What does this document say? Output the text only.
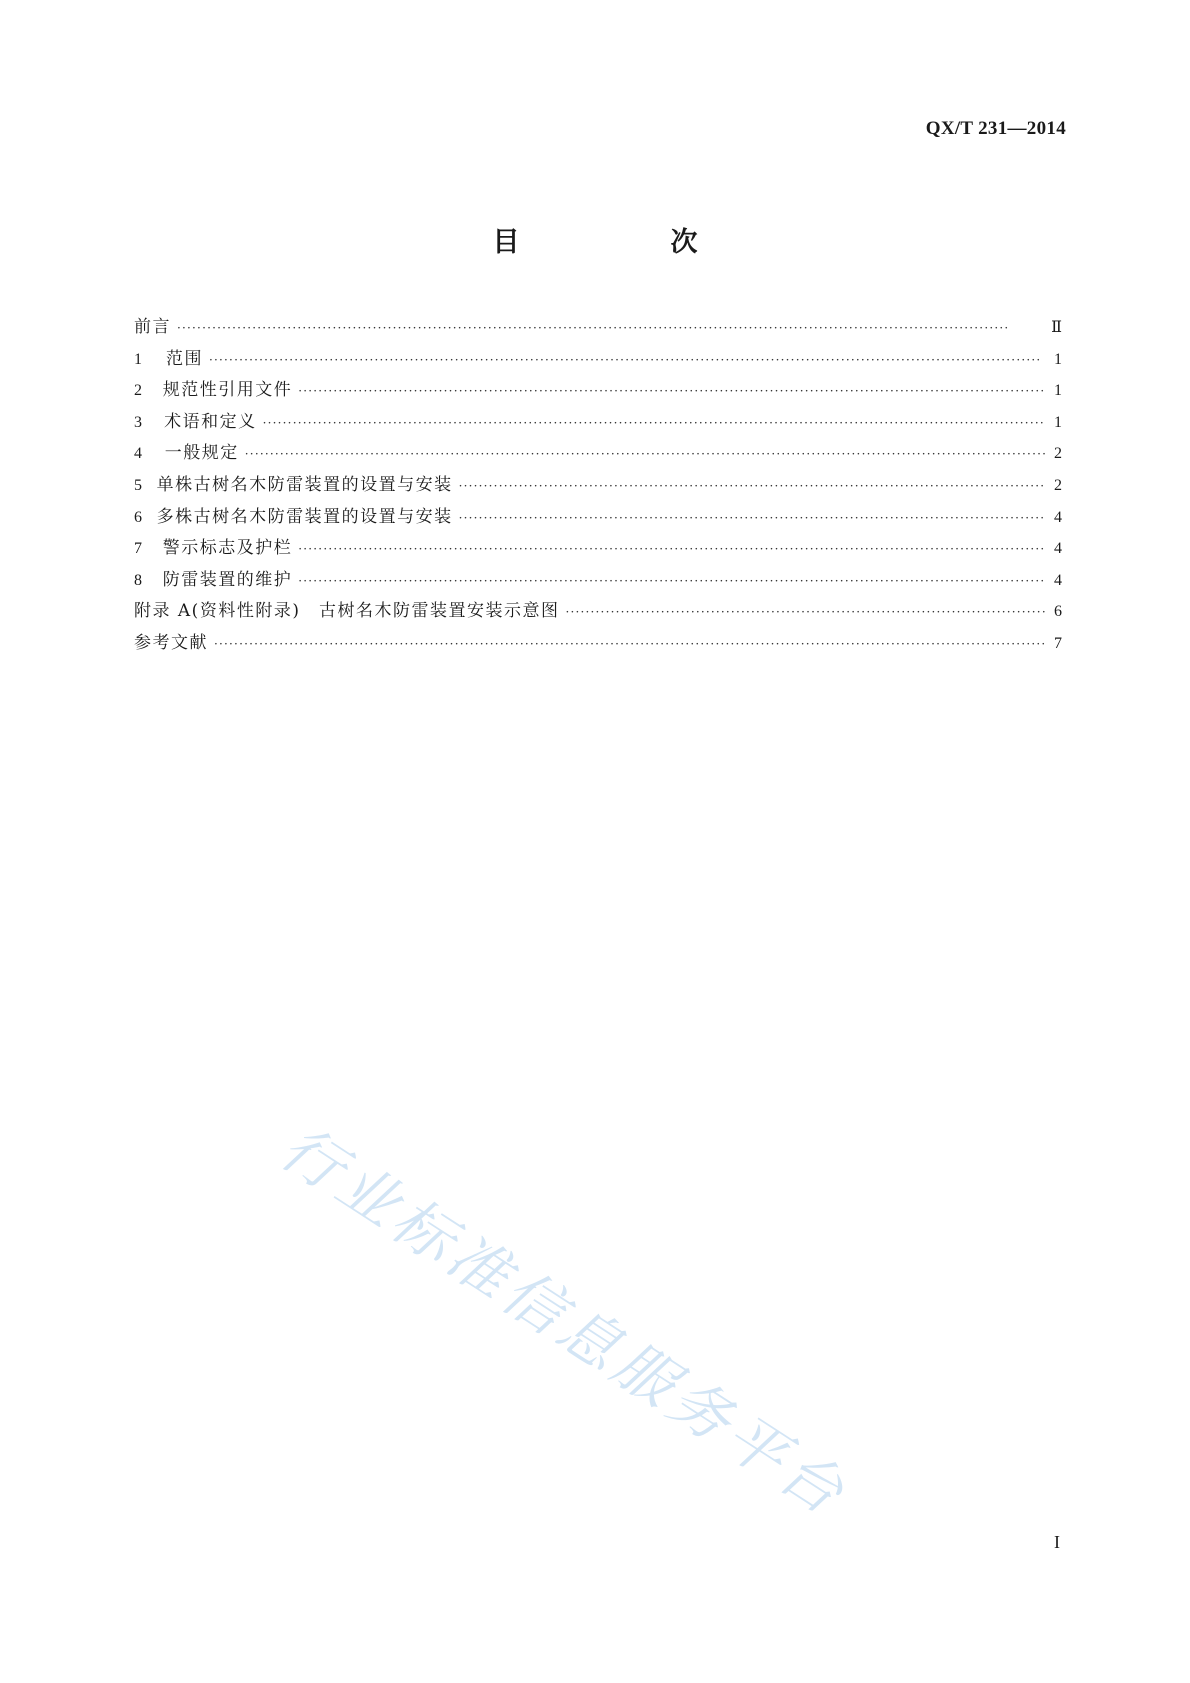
QX/T 231—2014
目　次
前言 ·····	Ⅱ
1	范围 ·····	1
2	规范性引用文件 ·····	1
3	术语和定义 ·····	1
4	一般规定 ·····	2
5 单株古树名木防雷装置的设置与安装 ·····	2
6 多株古树名木防雷装置的设置与安装 ·····	4
7	警示标志及护栏 ·····	4
8	防雷装置的维护 ·····	4
附录 A(资料性附录)　古树名木防雷装置安装示意图 ·····	6
参考文献 ·····	7
行业标准信息服务平台
I
